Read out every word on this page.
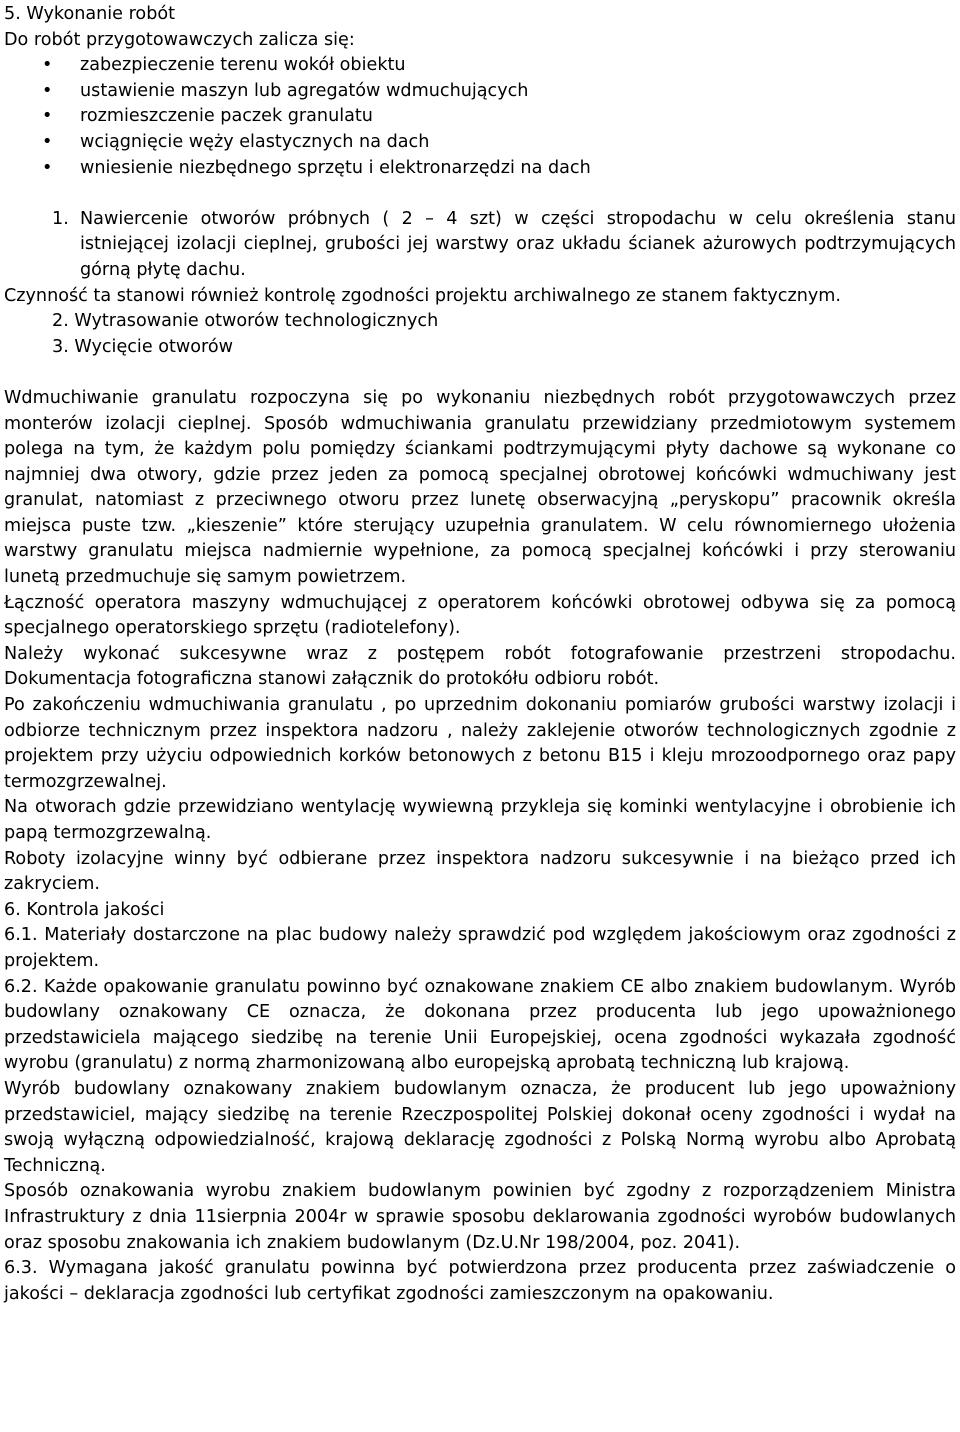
5. Wykonanie robót
Do robót przygotowawczych zalicza się:
• zabezpieczenie terenu wokół obiektu
• ustawienie maszyn lub agregatów wdmuchujących
• rozmieszczenie paczek granulatu
• wciągnięcie węży elastycznych na dach
• wniesienie niezbędnego sprzętu i elektronarzędzi na dach
1. Nawiercenie otworów próbnych ( 2 – 4 szt) w części stropodachu w celu określenia stanu istniejącej izolacji cieplnej, grubości jej warstwy oraz układu ścianek ażurowych podtrzymujących górną płytę dachu.
Czynność ta stanowi również kontrolę zgodności projektu archiwalnego ze stanem faktycznym.
2. Wytrasowanie otworów technologicznych
3. Wycięcie otworów
Wdmuchiwanie granulatu rozpoczyna się po wykonaniu niezbędnych robót przygotowawczych przez monterów izolacji cieplnej. Sposób wdmuchiwania granulatu przewidziany przedmiotowym systemem polega na tym, że każdym polu pomiędzy ściankami podtrzymującymi płyty dachowe są wykonane co najmniej dwa otwory, gdzie przez jeden za pomocą specjalnej obrotowej końcówki wdmuchiwany jest granulat, natomiast z przeciwnego otworu przez lunetę obserwacyjną „peryskopu” pracownik określa miejsca puste tzw. „kieszenie” które sterujący uzupełnia granulatem. W celu równomiernego ułożenia warstwy granulatu miejsca nadmiernie wypełnione, za pomocą specjalnej końcówki i przy sterowaniu lunetą przedmuchuje się samym powietrzem.
Łączność operatora maszyny wdmuchującej z operatorem końcówki obrotowej odbywa się za pomocą specjalnego operatorskiego sprzętu (radiotelefony).
Należy wykonać sukcesywne wraz z postępem robót fotografowanie przestrzeni stropodachu. Dokumentacja fotograficzna stanowi załącznik do protokółu odbioru robót.
Po zakończeniu wdmuchiwania granulatu , po uprzednim dokonaniu pomiarów grubości warstwy izolacji i odbiorze technicznym przez inspektora nadzoru , należy zaklejenie otworów technologicznych zgodnie z projektem przy użyciu odpowiednich korków betonowych z betonu B15 i kleju mrozoodpornego oraz papy termozgrzewalnej.
Na otworach gdzie przewidziano wentylację wywiewną przykleja się kominki wentylacyjne i obrobienie ich papą termozgrzewalną.
Roboty izolacyjne winny być odbierane przez inspektora nadzoru sukcesywnie i na bieżąco przed ich zakryciem.
6. Kontrola jakości
6.1. Materiały dostarczone na plac budowy należy sprawdzić pod względem jakościowym oraz zgodności z projektem.
6.2. Każde opakowanie granulatu powinno być oznakowane znakiem CE albo znakiem budowlanym. Wyrób budowlany oznakowany CE oznacza, że dokonana przez producenta lub jego upoważnionego przedstawiciela mającego siedzibę na terenie Unii Europejskiej, ocena zgodności wykazała zgodność wyrobu (granulatu) z normą zharmonizowaną albo europejską aprobatą techniczną lub krajową.
Wyrób budowlany oznakowany znakiem budowlanym oznacza, że producent lub jego upoważniony przedstawiciel, mający siedzibę na terenie Rzeczpospolitej Polskiej dokonał oceny zgodności i wydał na swoją wyłączną odpowiedzialność, krajową deklarację zgodności z Polską Normą wyrobu albo Aprobatą Techniczną.
Sposób oznakowania wyrobu znakiem budowlanym powinien być zgodny z rozporządzeniem Ministra Infrastruktury z dnia 11sierpnia 2004r w sprawie sposobu deklarowania zgodności wyrobów budowlanych oraz sposobu znakowania ich znakiem budowlanym (Dz.U.Nr 198/2004, poz. 2041).
6.3. Wymagana jakość granulatu powinna być potwierdzona przez producenta przez zaświadczenie o jakości – deklaracja zgodności lub certyfikat zgodności zamieszczonym na opakowaniu.
